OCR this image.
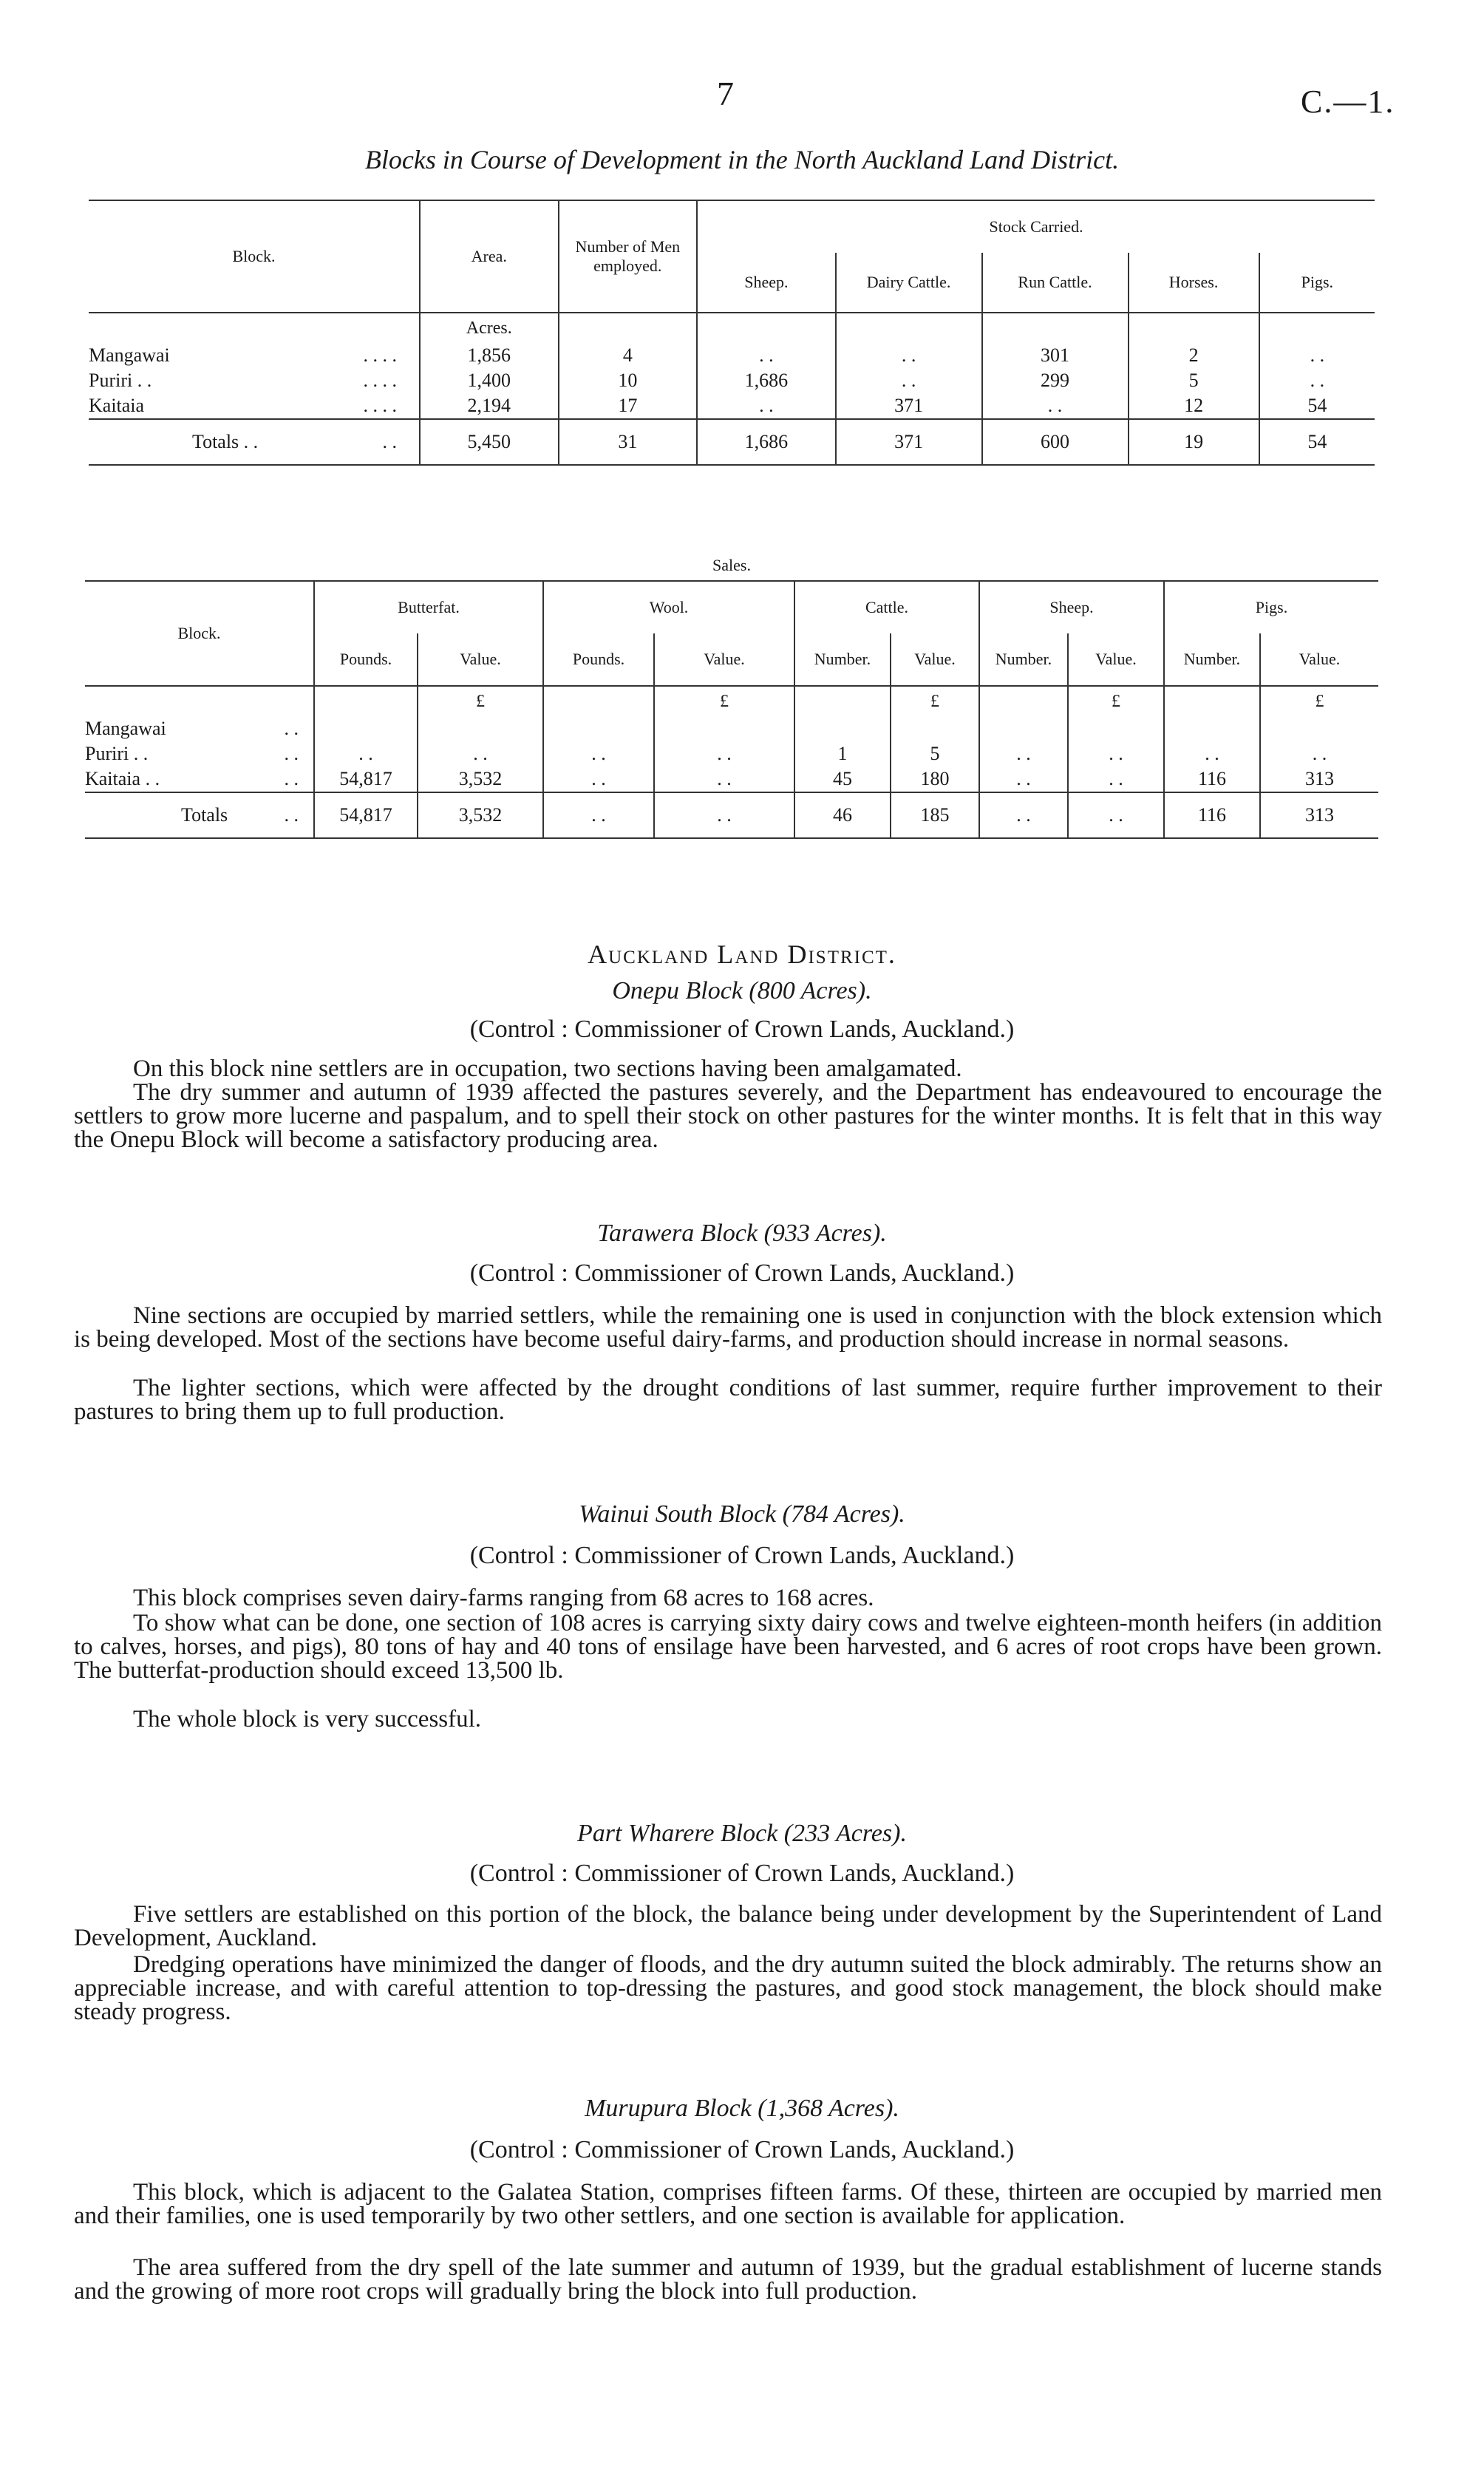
7	C.—1.
Blocks in Course of Development in the North Auckland Land District.
Block.	Area.	Number of Men employed.	Stock Carried.				
			Sheep.	Dairy Cattle.	Run Cattle.	Horses.	Pigs.
	Acres.						
Mangawai . . . .	1,856	4	. .	. .	301	2	. .
Puriri . . . . . .	1,400	10	1,686	. .	299	5	. .
Kaitaia . . . .	2,194	17	. .	371	. .	12	54
Totals . . . .	5,450	31	1,686	371	600	19	54
Sales.										
Block.	Butterfat.		Wool.		Cattle.		Sheep.		Pigs.	
	Pounds.	Value.	Pounds.	Value.	Number.	Value.	Number.	Value.	Number.	Value.
		£		£		£		£		£
Mangawai . .										

Puriri . . . .	. .	. .	. .	. .	1	5	. .	. .	. .	. .
Kaitaia . . . .	54,817	3,532	. .	. .	45	180	. .	. .	116	313
Totals . .	54,817	3,532	. .	. .	46	185	. .	. .	116	313
Auckland Land District.
Onepu Block (800 Acres).
(Control : Commissioner of Crown Lands, Auckland.)
On this block nine settlers are in occupation, two sections having been amalgamated.
The dry summer and autumn of 1939 affected the pastures severely, and the Department has endeavoured to encourage the settlers to grow more lucerne and paspalum, and to spell their stock on other pastures for the winter months. It is felt that in this way the Onepu Block will become a satisfactory producing area.
Tarawera Block (933 Acres).
(Control : Commissioner of Crown Lands, Auckland.)
Nine sections are occupied by married settlers, while the remaining one is used in conjunction with the block extension which is being developed. Most of the sections have become useful dairy-farms, and production should increase in normal seasons.
The lighter sections, which were affected by the drought conditions of last summer, require further improvement to their pastures to bring them up to full production.
Wainui South Block (784 Acres).
(Control : Commissioner of Crown Lands, Auckland.)
This block comprises seven dairy-farms ranging from 68 acres to 168 acres.
To show what can be done, one section of 108 acres is carrying sixty dairy cows and twelve eighteen-month heifers (in addition to calves, horses, and pigs), 80 tons of hay and 40 tons of ensilage have been harvested, and 6 acres of root crops have been grown. The butterfat-production should exceed 13,500 lb.
The whole block is very successful.
Part Wharere Block (233 Acres).
(Control : Commissioner of Crown Lands, Auckland.)
Five settlers are established on this portion of the block, the balance being under development by the Superintendent of Land Development, Auckland.
Dredging operations have minimized the danger of floods, and the dry autumn suited the block admirably. The returns show an appreciable increase, and with careful attention to top-dressing the pastures, and good stock management, the block should make steady progress.
Murupura Block (1,368 Acres).
(Control : Commissioner of Crown Lands, Auckland.)
This block, which is adjacent to the Galatea Station, comprises fifteen farms. Of these, thirteen are occupied by married men and their families, one is used temporarily by two other settlers, and one section is available for application.
The area suffered from the dry spell of the late summer and autumn of 1939, but the gradual establishment of lucerne stands and the growing of more root crops will gradually bring the block into full production.
